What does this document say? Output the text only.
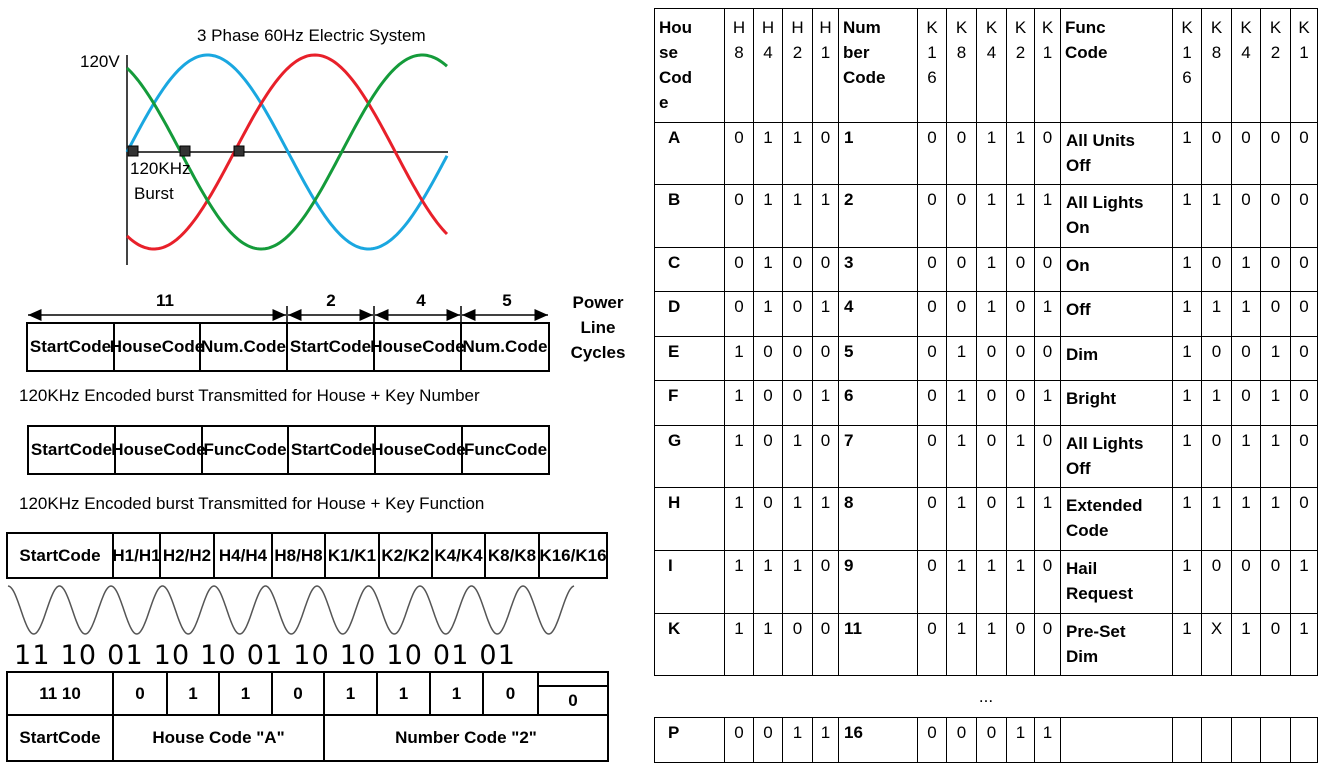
3 Phase 60Hz Electric System
120V
120KHz
Burst
11	2	4	5	Power
Line
Cycles
Start Code
House Code
Num. Code Start Code House Code
Num. Code
120KHz Encoded burst Transmitted for House + Key Number
Start Code House Code
Func Code Start Code House Code
Func Code
120KHz Encoded burst Transmitted for House + Key Function
Start Code H1 /H1 H2 /H2 H4 /H4 H8 /H8 K1 /K1 K2 /K2 K4 /K4 K8 /K8 K16/ K16
11 10 01 10 10 01 10 10 10 01 01
11 10	0	1	1	0	1	1	1	0	0
Start Code	House Code "A"	Number Code "2"
Hou
se
Cod
e	H
8	H
4	H
2	H
1	Num
ber
Code	K
1
6	K
8	K
4	K
2	K
1	Func
Code	K
1
6	K
8	K
4	K
2	K
1

A	0	1	1	0	1	0	0	1	1	0	All Units
Off	1	0	0	0	0
B	0	1	1	1	2	0	0	1	1	1	All Lights
On	1	1	0	0	0
C	0	1	0	0	3	0	0	1	0	0	On	1	0	1	0	0
D	0	1	0	1	4	0	0	1	0	1	Off	1	1	1	0	0
E	1	0	0	0	5	0	1	0	0	0	Dim	1	0	0	1	0
F	1	0	0	1	6	0	1	0	0	1	Bright	1	1	0	1	0
G	1	0	1	0	7	0	1	0	1	0	All Lights
Off	1	0	1	1	0
H	1	0	1	1	8	0	1	0	1	1	Extended
Code	1	1	1	1	0
I	1	1	1	0	9	0	1	1	1	0	Hail
Request	1	0	0	0	1
K	1	1	0	0	11	0	1	1	0	0	Pre-Set
Dim	1	X	1	0	1
...																
P	0	0	1	1	16	0	0	0	1	1						
